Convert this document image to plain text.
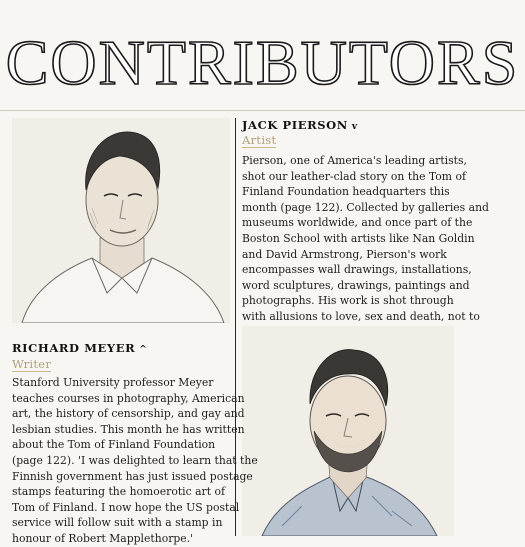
CONTRIBUTORS
JACK PIERSON v
Artist
Pierson, one of America's leading artists,
shot our leather-clad story on the Tom of
Finland Foundation headquarters this
month (page 122). Collected by galleries and
museums worldwide, and once part of the
Boston School with artists like Nan Goldin
and David Armstrong, Pierson's work
encompasses wall drawings, installations,
word sculptures, drawings, paintings and
photographs. His work is shot through
with allusions to love, sex and death, not to
RICHARD MEYER ^
Writer
Stanford University professor Meyer
teaches courses in photography, American
art, the history of censorship, and gay and
lesbian studies. This month he has written
about the Tom of Finland Foundation
(page 122). 'I was delighted to learn that the
Finnish government has just issued postage
stamps featuring the homoerotic art of
Tom of Finland. I now hope the US postal
service will follow suit with a stamp in
honour of Robert Mapplethorpe.'
